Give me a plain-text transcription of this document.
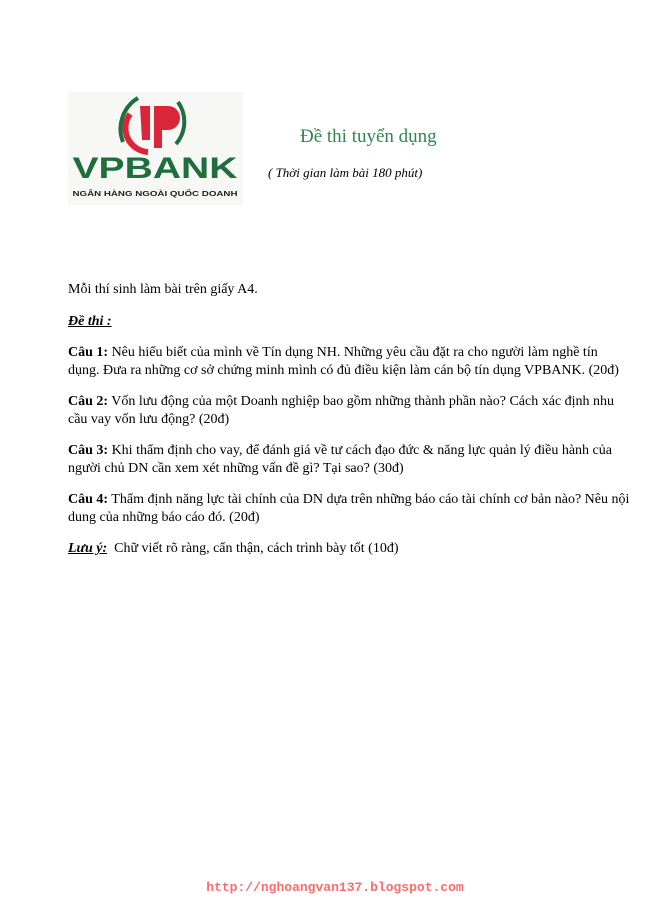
VPBANK
NGÂN HÀNG NGOÀI QUỐC DOANH
Đề thi tuyển dụng
( Thời gian làm bài 180 phút)
Mỗi thí sinh làm bài trên giấy A4.
Đề thi :
Câu 1: Nêu hiểu biết của mình về Tín dụng NH. Những yêu cầu đặt ra cho người làm nghề tín
dụng. Đưa ra những cơ sở chứng minh mình có đủ điều kiện làm cán bộ tín dụng VPBANK. (20đ)
Câu 2: Vốn lưu động của một Doanh nghiệp bao gồm những thành phần nào? Cách xác định nhu
cầu vay vốn lưu động? (20đ)
Câu 3: Khi thẩm định cho vay, để đánh giá về tư cách đạo đức & năng lực quản lý điều hành của
người chủ DN cần xem xét những vấn đề gì? Tại sao? (30đ)
Câu 4: Thẩm định năng lực tài chính của DN dựa trên những báo cáo tài chính cơ bản nào? Nêu nội
dung của những báo cáo đó. (20đ)
Lưu ý:  Chữ viết rõ ràng, cẩn thận, cách trình bày tốt (10đ)
http://nghoangvan137.blogspot.com
